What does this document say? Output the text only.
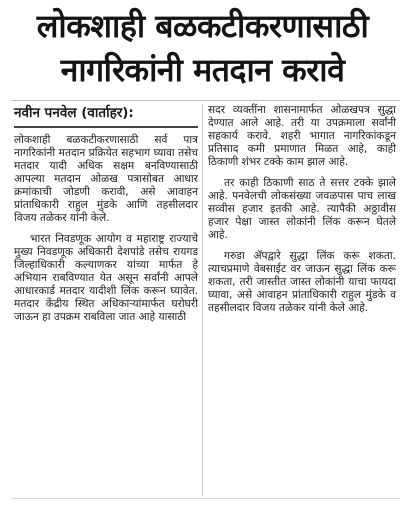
लोकशाही बळकटीकरणासाठी
नागरिकांनी मतदान करावे
नवीन पनवेल (वार्ताहर):

लोकशाही बळकटीकरणासाठी सर्व पात्र नागरिकांनी मतदान प्रक्रियेत सहभाग घ्यावा तसेच मतदार यादी अधिक सक्षम बनविण्यासाठी आपल्या मतदान ओळख पत्रासोबत आधार क्रमांकाची जोडणी करावी, असे आवाहन प्रांताधिकारी राहुल मुंडके आणि तहसीलदार विजय तळेकर यांनी केले.

भारत निवडणूक आयोग व महाराष्ट्र राज्याचे मुख्य निवडणूक अधिकारी देशपांडे तसेच रायगड जिल्हाधिकारी कल्याणकर यांच्या मार्फत हे अभियान राबविण्यात येत असून सर्वांनी आपले आधारकार्ड मतदार यादीशी लिंक करून घ्यावेत. मतदार केंद्रीय स्थित अधिकाऱ्यांमार्फत घरोघरी जाऊन हा उपक्रम राबविला जात आहे यासाठी

सदर व्यक्तींना शासनामार्फत ओळखपत्र सुद्धा देण्यात आले आहे. तरी या उपक्रमाला सर्वांनी सहकार्य करावे. शहरी भागात नागरिकांकडून प्रतिसाद कमी प्रमाणात मिळत आहे, काही ठिकाणी शंभर टक्के काम झाल आहे.

तर काही ठिकाणी साठ ते सत्तर टक्के झाले आहे. पनवेलची लोकसंख्या जवळपास पाच लाख सव्वीस हजार इतकी आहे. त्यापैकी अठ्ठावीस हजार पेक्षा जास्त लोकांनी लिंक करून घेतले आहे.

गरुडा ॲपद्वारे सुद्धा लिंक करू शकता. त्याचप्रमाणे वेबसाईट वर जाऊन सुद्धा लिंक करू शकता, तरी जास्तीत जास्त लोकांनी याचा फायदा घ्यावा, असे आवाहन प्रांताधिकारी राहुल मुंडके व तहसीलदार विजय तळेकर यांनी केले आहे.
